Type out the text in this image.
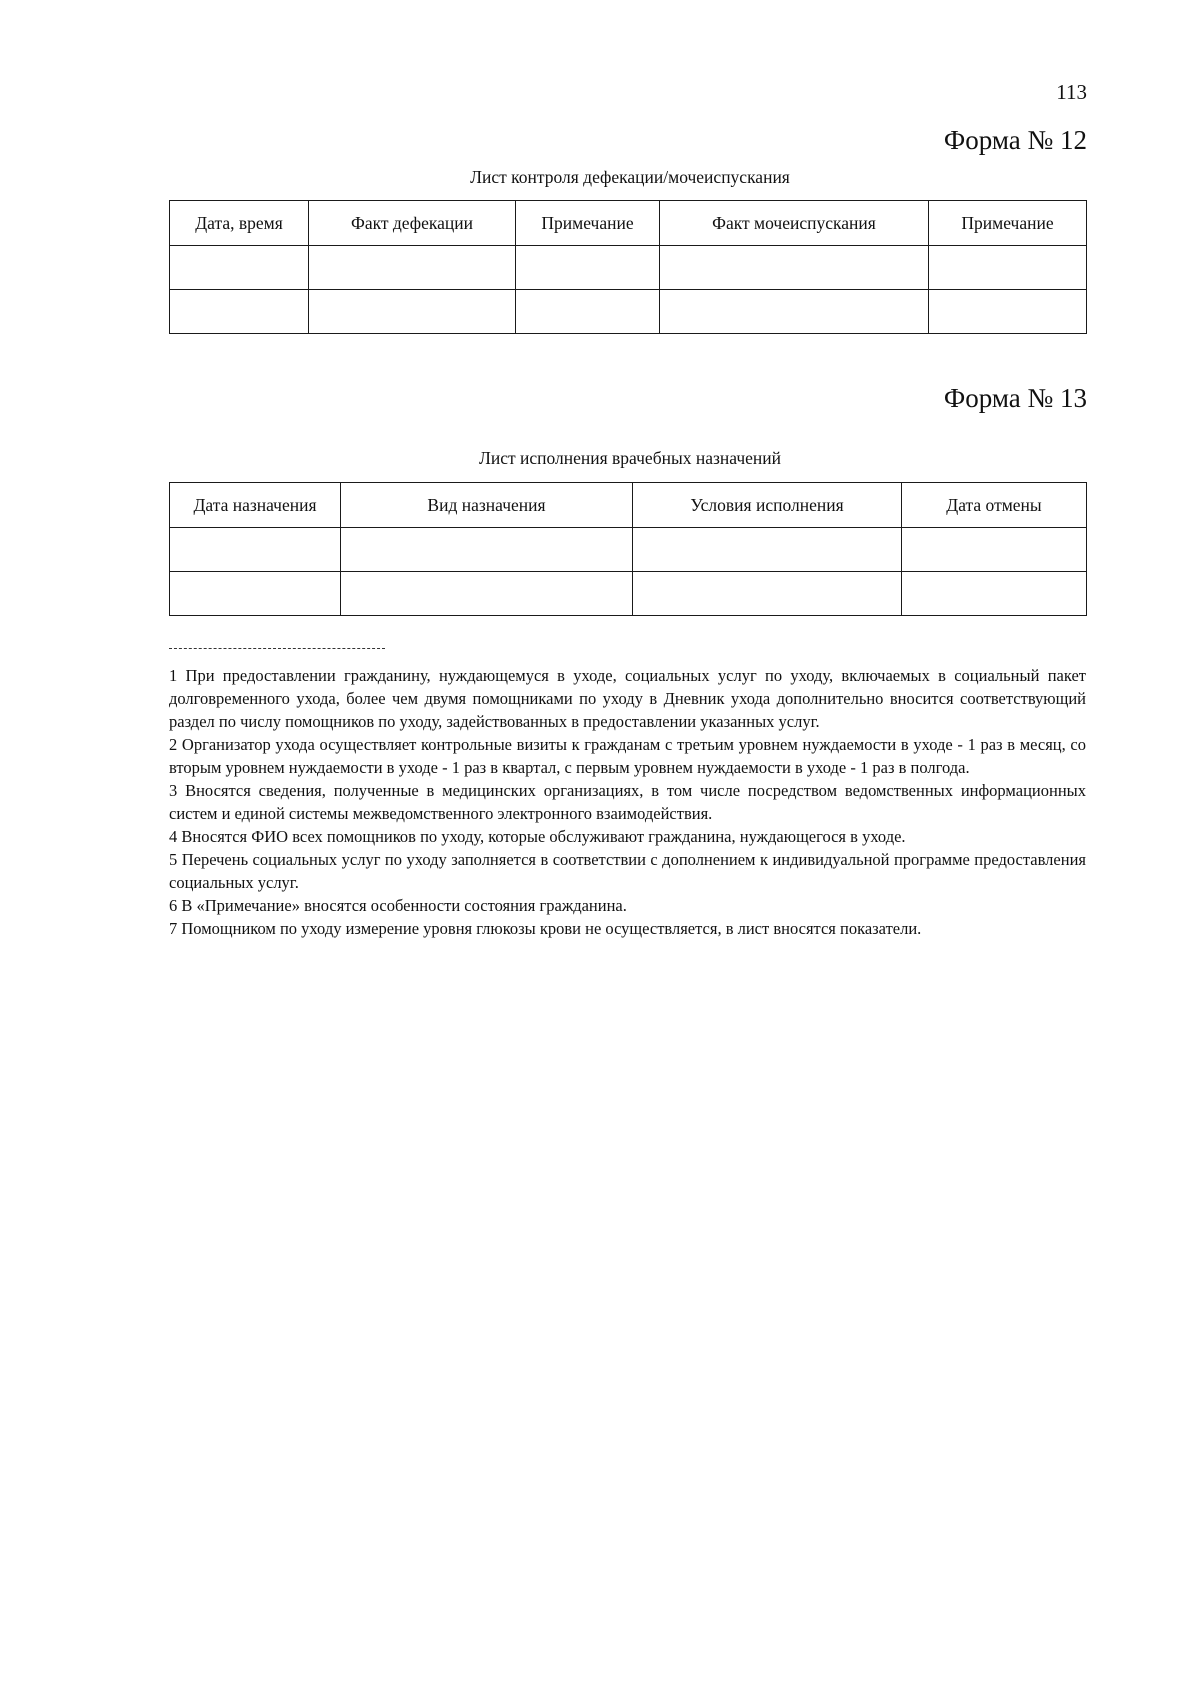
113
Форма № 12
Лист контроля дефекации/мочеиспускания
Дата, время	Факт дефекации	Примечание	Факт мочеиспускания	Примечание

Форма № 13
Лист исполнения врачебных назначений
Дата назначения	Вид назначения	Условия исполнения	Дата отмены

1 При предоставлении гражданину, нуждающемуся в уходе, социальных услуг по уходу, включаемых в социальный пакет долговременного ухода, более чем двумя помощниками по уходу в Дневник ухода дополнительно вносится соответствующий раздел по числу помощников по уходу, задействованных в предоставлении указанных услуг.

2 Организатор ухода осуществляет контрольные визиты к гражданам с третьим уровнем нуждаемости в уходе - 1 раз в месяц, со вторым уровнем нуждаемости в уходе - 1 раз в квартал, с первым уровнем нуждаемости в уходе - 1 раз в полгода.

3 Вносятся сведения, полученные в медицинских организациях, в том числе посредством ведомственных информационных систем и единой системы межведомственного электронного взаимодействия.

4 Вносятся ФИО всех помощников по уходу, которые обслуживают гражданина, нуждающегося в уходе.

5 Перечень социальных услуг по уходу заполняется в соответствии с дополнением к индивидуальной программе предоставления социальных услуг.

6 В «Примечание» вносятся особенности состояния гражданина.

7 Помощником по уходу измерение уровня глюкозы крови не осуществляется, в лист вносятся показатели.
